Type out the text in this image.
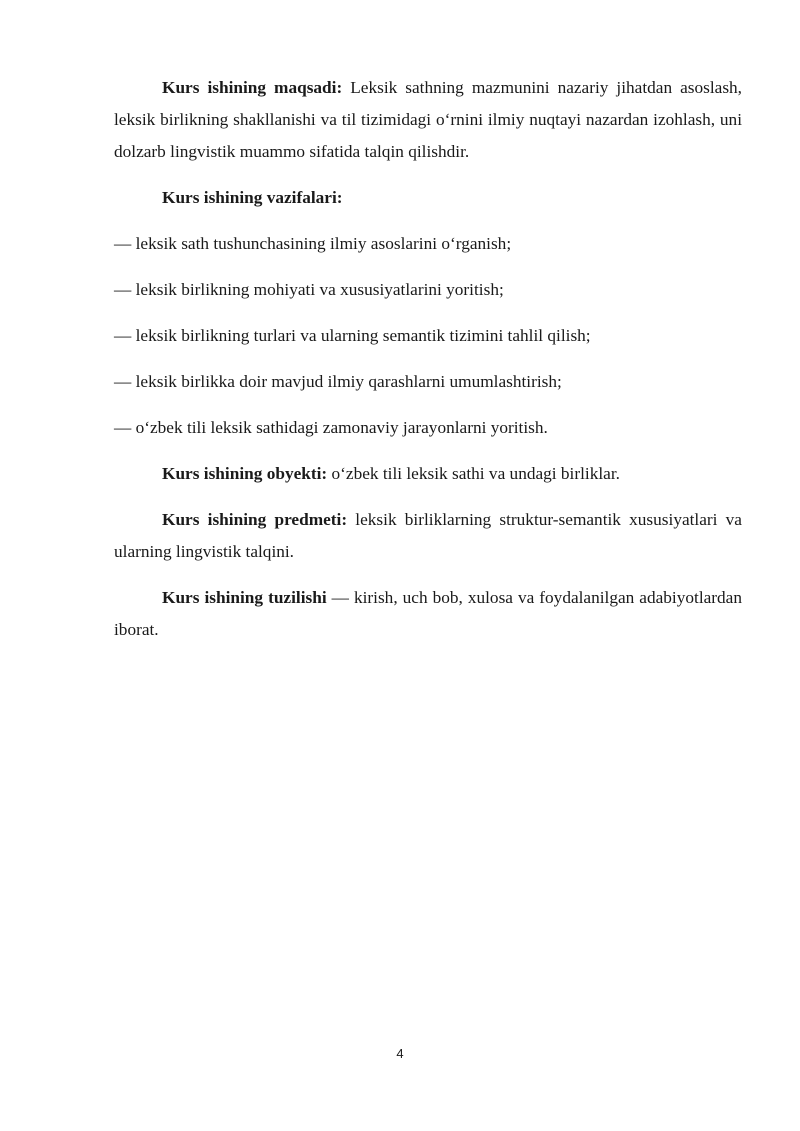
Kurs ishining maqsadi: Leksik sathning mazmunini nazariy jihatdan asoslash, leksik birlikning shakllanishi va til tizimidagi o‘rnini ilmiy nuqtayi nazardan izohlash, uni dolzarb lingvistik muammo sifatida talqin qilishdir.

Kurs ishining vazifalari:

— leksik sath tushunchasining ilmiy asoslarini o‘rganish;
— leksik birlikning mohiyati va xususiyatlarini yoritish;
— leksik birlikning turlari va ularning semantik tizimini tahlil qilish;
— leksik birlikka doir mavjud ilmiy qarashlarni umumlashtirish;
— o‘zbek tili leksik sathidagi zamonaviy jarayonlarni yoritish.

Kurs ishining obyekti: o‘zbek tili leksik sathi va undagi birliklar.

Kurs ishining predmeti: leksik birliklarning struktur-semantik xususiyatlari va ularning lingvistik talqini.

Kurs ishining tuzilishi — kirish, uch bob, xulosa va foydalanilgan adabiyotlardan iborat.

4
